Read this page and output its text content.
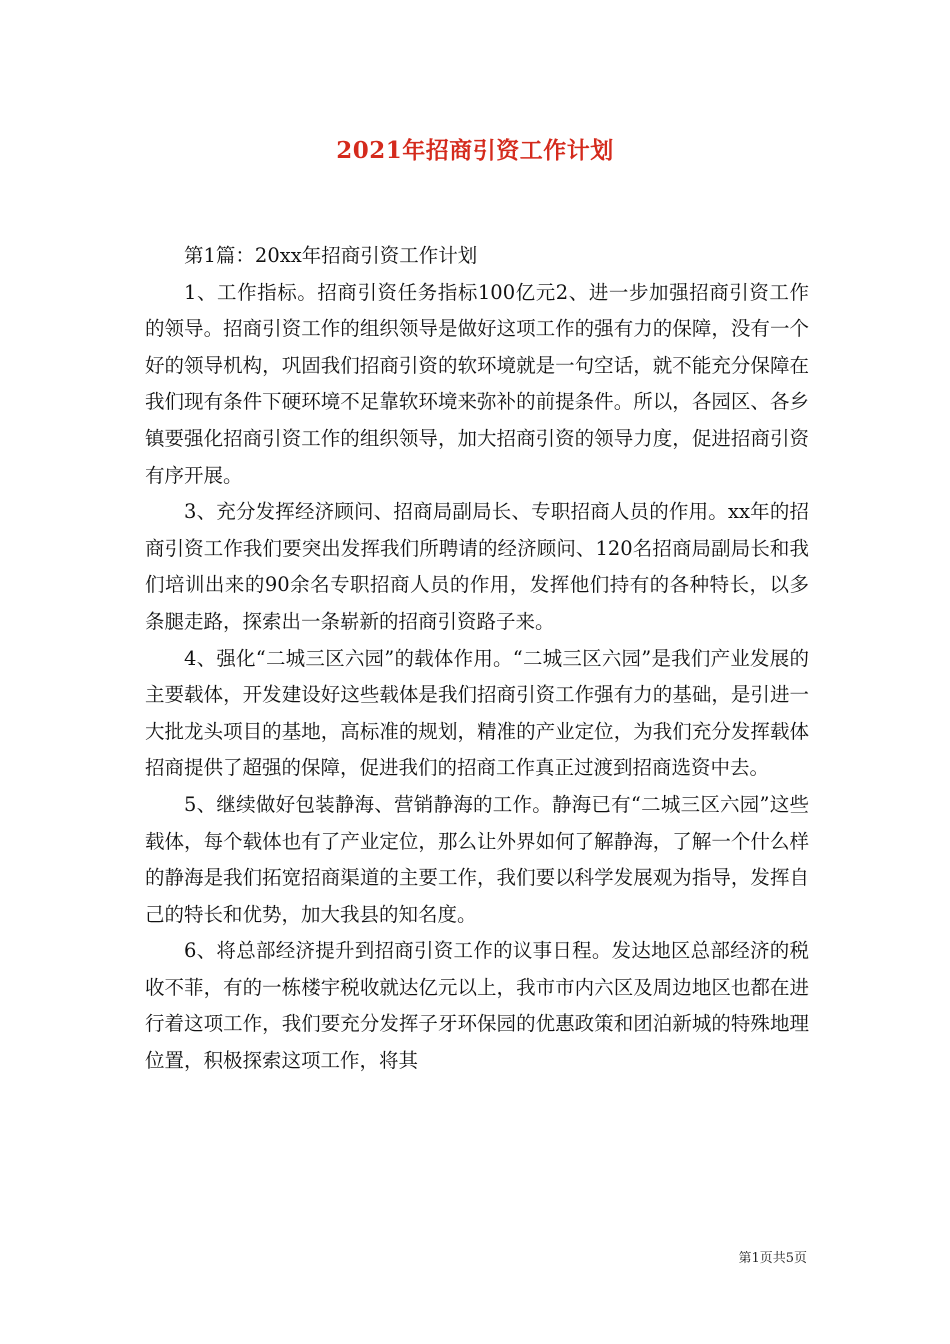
2021年招商引资工作计划

第1篇：20xx年招商引资工作计划

1、工作指标。招商引资任务指标100亿元2、进一步加强招商引资工作的领导。招商引资工作的组织领导是做好这项工作的强有力的保障，没有一个好的领导机构，巩固我们招商引资的软环境就是一句空话，就不能充分保障在我们现有条件下硬环境不足靠软环境来弥补的前提条件。所以，各园区、各乡镇要强化招商引资工作的组织领导，加大招商引资的领导力度，促进招商引资有序开展。

3、充分发挥经济顾问、招商局副局长、专职招商人员的作用。xx年的招商引资工作我们要突出发挥我们所聘请的经济顾问、120名招商局副局长和我们培训出来的90余名专职招商人员的作用，发挥他们持有的各种特长，以多条腿走路，探索出一条崭新的招商引资路子来。

4、强化“二城三区六园”的载体作用。“二城三区六园”是我们产业发展的主要载体，开发建设好这些载体是我们招商引资工作强有力的基础，是引进一大批龙头项目的基地，高标准的规划，精准的产业定位，为我们充分发挥载体招商提供了超强的保障，促进我们的招商工作真正过渡到招商选资中去。

5、继续做好包装静海、营销静海的工作。静海已有“二城三区六园”这些载体，每个载体也有了产业定位，那么让外界如何了解静海，了解一个什么样的静海是我们拓宽招商渠道的主要工作，我们要以科学发展观为指导，发挥自己的特长和优势，加大我县的知名度。

6、将总部经济提升到招商引资工作的议事日程。发达地区总部经济的税收不菲，有的一栋楼宇税收就达亿元以上，我市市内六区及周边地区也都在进行着这项工作，我们要充分发挥子牙环保园的优惠政策和团泊新城的特殊地理位置，积极探索这项工作，将其

第1页共5页
